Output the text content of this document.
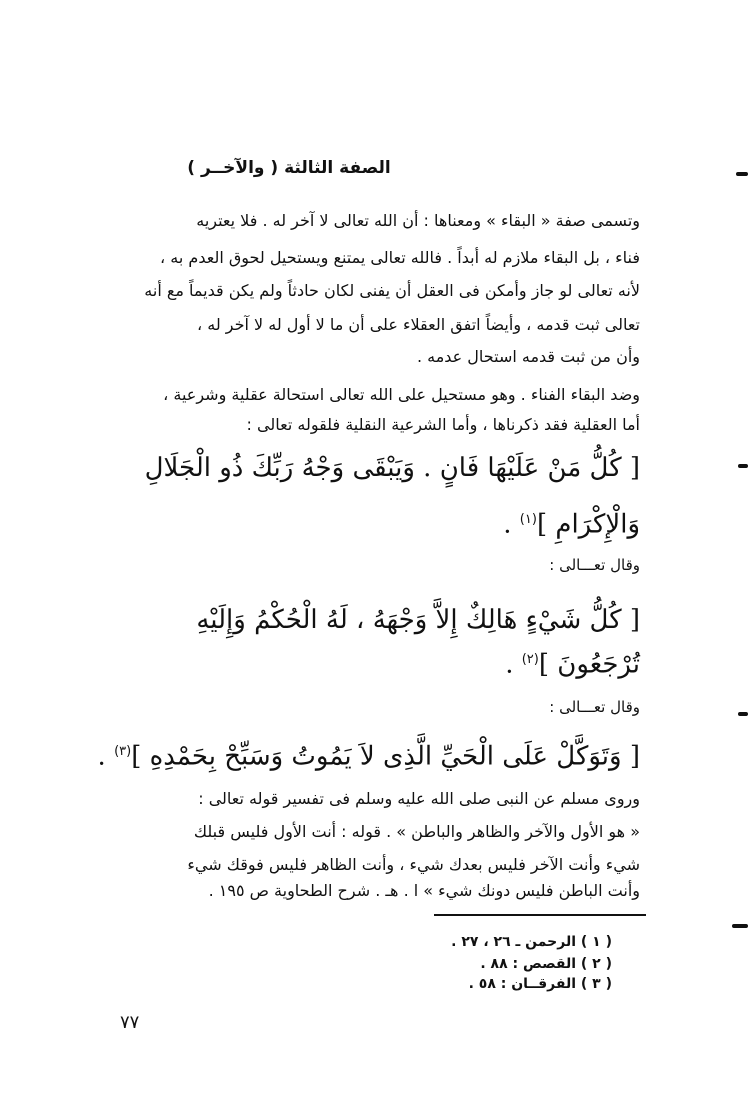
الصفة الثالثة ( والآخــر )
وتسمى صفة « البقاء » ومعناها : أن الله تعالى لا آخر له . فلا يعتريه
فناء ، بل البقاء ملازم له أبداً . فالله تعالى يمتنع ويستحيل لحوق العدم به ،
لأنه تعالى لو جاز وأمكن فى العقل أن يفنى لكان حادثاً ولم يكن قديماً مع أنه
تعالى ثبت قدمه ، وأيضاً اتفق العقلاء على أن ما لا أول له لا آخر له ،
وأن من ثبت قدمه استحال عدمه .
وضد البقاء الفناء . وهو مستحيل على الله تعالى استحالة عقلية وشرعية ،
أما العقلية فقد ذكرناها ، وأما الشرعية النقلية فلقوله تعالى :
[ كُلُّ مَنْ عَلَيْهَا فَانٍ . وَيَبْقَى وَجْهُ رَبِّكَ ذُو الْجَلَالِ
وَالْإِكْرَامِ ]$^{(١)}$ .
وقال تعـــالى :
[ كُلُّ شَيْءٍ هَالِكٌ إِلاَّ وَجْهَهُ ، لَهُ الْحُكْمُ وَإِلَيْهِ
تُرْجَعُونَ ]$^{(٢)}$ .
وقال تعـــالى :
[ وَتَوَكَّلْ عَلَى الْحَيِّ الَّذِى لاَ يَمُوتُ وَسَبِّحْ بِحَمْدِهِ ]$^{(٣)}$ .
وروى مسلم عن النبى صلى الله عليه وسلم فى تفسير قوله تعالى :
« هو الأول والآخر والظاهر والباطن » . قوله : أنت الأول فليس قبلك
شيء وأنت الآخر فليس بعدك شيء ، وأنت الظاهر فليس فوقك شيء
وأنت الباطن فليس دونك شيء » ا . هـ . شرح الطحاوية ص ١٩٥ .
( ١ ) الرحمن ـ ٢٦ ، ٢٧ .
( ٢ ) القصص : ٨٨ .
( ٣ ) الفرقــان : ٥٨ .
٧٧
